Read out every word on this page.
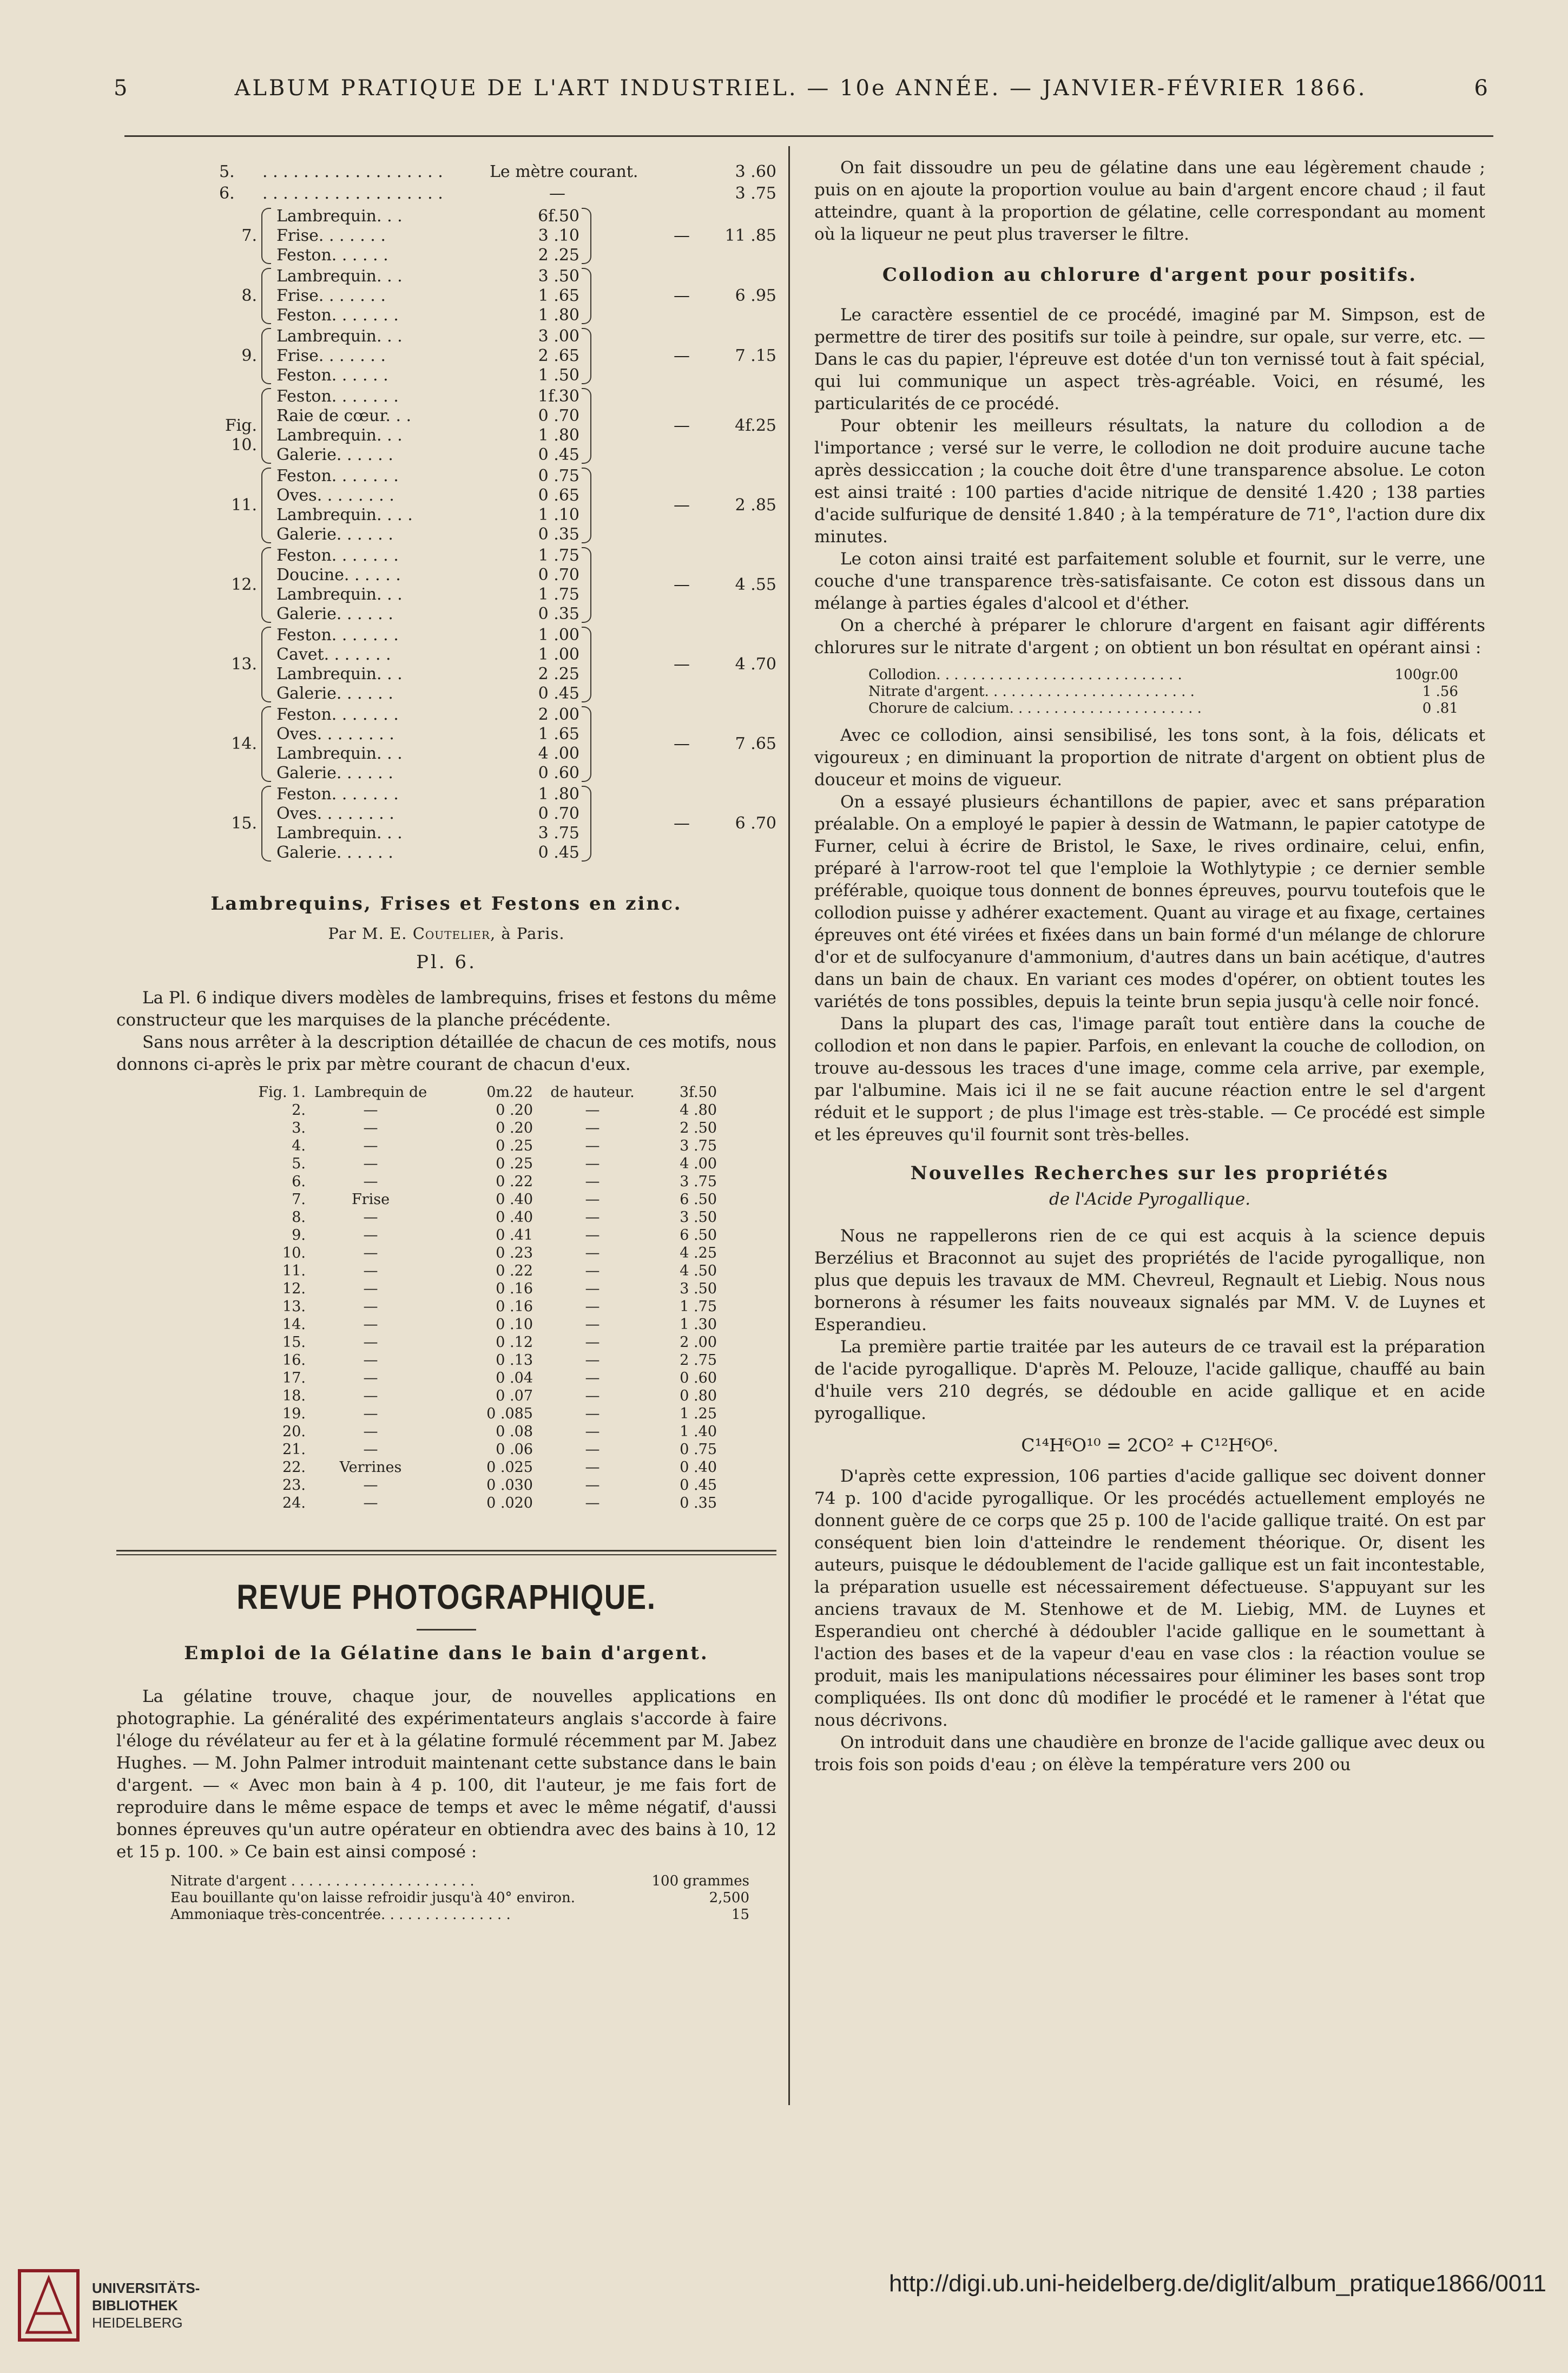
5	ALBUM PRATIQUE DE L'ART INDUSTRIEL. — 10e ANNÉE. — JANVIER-FÉVRIER 1866.	6
5.	. . . . . . . . . . . . . . . . . .	Le mètre courant.	3 .60
6.	. . . . . . . . . . . . . . . . . .	—	3 .75
7.
Lambrequin. . .	6f.50
Frise. . . . . . .	3 .10
Feston. . . . . .	2 .25
—	11 .85
8.
Lambrequin. . .	3 .50
Frise. . . . . . .	1 .65
Feston. . . . . . .	1 .80
—	6 .95
9.
Lambrequin. . .	3 .00
Frise. . . . . . .	2 .65
Feston. . . . . .	1 .50
—	7 .15
Fig. 10.
Feston. . . . . . .	1f.30
Raie de cœur. . .	0 .70
Lambrequin. . .	1 .80
Galerie. . . . . .	0 .45
—	4f.25
11.
Feston. . . . . . .	0 .75
Oves. . . . . . . .	0 .65
Lambrequin. . . .	1 .10
Galerie. . . . . .	0 .35
—	2 .85
12.
Feston. . . . . . .	1 .75
Doucine. . . . . .	0 .70
Lambrequin. . .	1 .75
Galerie. . . . . .	0 .35
—	4 .55
13.
Feston. . . . . . .	1 .00
Cavet. . . . . . .	1 .00
Lambrequin. . .	2 .25
Galerie. . . . . .	0 .45
—	4 .70
14.
Feston. . . . . . .	2 .00
Oves. . . . . . . .	1 .65
Lambrequin. . .	4 .00
Galerie. . . . . .	0 .60
—	7 .65
15.
Feston. . . . . . .	1 .80
Oves. . . . . . . .	0 .70
Lambrequin. . .	3 .75
Galerie. . . . . .	0 .45
—	6 .70
Lambrequins, Frises et Festons en zinc.
Par M. E. Coutelier, à Paris.
Pl. 6.

La Pl. 6 indique divers modèles de lambrequins, frises et festons du même constructeur que les marquises de la planche précédente.

Sans nous arrêter à la description détaillée de chacun de ces motifs, nous donnons ci-après le prix par mètre courant de chacun d'eux.

Fig. 1. Lambrequin de	0m.22	de hauteur.	3f.50
2.	—	0 .20	—	4 .80
3.	—	0 .20	—	2 .50
4.	—	0 .25	—	3 .75
5.	—	0 .25	—	4 .00
6.	—	0 .22	—	3 .75
7.	Frise	0 .40	—	6 .50
8.	—	0 .40	—	3 .50
9.	—	0 .41	—	6 .50
10.	—	0 .23	—	4 .25
11.	—	0 .22	—	4 .50
12.	—	0 .16	—	3 .50
13.	—	0 .16	—	1 .75
14.	—	0 .10	—	1 .30
15.	—	0 .12	—	2 .00
16.	—	0 .13	—	2 .75
17.	—	0 .04	—	0 .60
18.	—	0 .07	—	0 .80
19.	—	0 .085	—	1 .25
20.	—	0 .08	—	1 .40
21.	—	0 .06	—	0 .75
22.	Verrines	0 .025	—	0 .40
23.	—	0 .030	—	0 .45
24.	—	0 .020	—	0 .35
REVUE PHOTOGRAPHIQUE.
Emploi de la Gélatine dans le bain d'argent.

La gélatine trouve, chaque jour, de nouvelles applications en photographie. La généralité des expérimentateurs anglais s'accorde à faire l'éloge du révélateur au fer et à la gélatine formulé récemment par M. Jabez Hughes. — M. John Palmer introduit maintenant cette substance dans le bain d'argent. — « Avec mon bain à 4 p. 100, dit l'auteur, je me fais fort de reproduire dans le même espace de temps et avec le même négatif, d'aussi bonnes épreuves qu'un autre opérateur en obtiendra avec des bains à 10, 12 et 15 p. 100. » Ce bain est ainsi composé :

Nitrate d'argent . . . . . . . . . . . . . . . . . . . . .	100 grammes
Eau bouillante qu'on laisse refroidir jusqu'à 40° environ.	2,500
Ammoniaque très-concentrée. . . . . . . . . . . . . . .	15

On fait dissoudre un peu de gélatine dans une eau légèrement chaude ; puis on en ajoute la proportion voulue au bain d'argent encore chaud ; il faut atteindre, quant à la proportion de gélatine, celle correspondant au moment où la liqueur ne peut plus traverser le filtre.

Collodion au chlorure d'argent pour positifs.

Le caractère essentiel de ce procédé, imaginé par M. Simpson, est de permettre de tirer des positifs sur toile à peindre, sur opale, sur verre, etc. — Dans le cas du papier, l'épreuve est dotée d'un ton vernissé tout à fait spécial, qui lui communique un aspect très-agréable. Voici, en résumé, les particularités de ce procédé.

Pour obtenir les meilleurs résultats, la nature du collodion a de l'importance ; versé sur le verre, le collodion ne doit produire aucune tache après dessiccation ; la couche doit être d'une transparence absolue. Le coton est ainsi traité : 100 parties d'acide nitrique de densité 1.420 ; 138 parties d'acide sulfurique de densité 1.840 ; à la température de 71°, l'action dure dix minutes.

Le coton ainsi traité est parfaitement soluble et fournit, sur le verre, une couche d'une transparence très-satisfaisante. Ce coton est dissous dans un mélange à parties égales d'alcool et d'éther.

On a cherché à préparer le chlorure d'argent en faisant agir différents chlorures sur le nitrate d'argent ; on obtient un bon résultat en opérant ainsi :

Collodion. . . . . . . . . . . . . . . . . . . . . . . . . . . .	100gr.00
Nitrate d'argent. . . . . . . . . . . . . . . . . . . . . . . .	1 .56
Chorure de calcium. . . . . . . . . . . . . . . . . . . . . .	0 .81

Avec ce collodion, ainsi sensibilisé, les tons sont, à la fois, délicats et vigoureux ; en diminuant la proportion de nitrate d'argent on obtient plus de douceur et moins de vigueur.

On a essayé plusieurs échantillons de papier, avec et sans préparation préalable. On a employé le papier à dessin de Watmann, le papier catotype de Furner, celui à écrire de Bristol, le Saxe, le rives ordinaire, celui, enfin, préparé à l'arrow-root tel que l'emploie la Wothlytypie ; ce dernier semble préférable, quoique tous donnent de bonnes épreuves, pourvu toutefois que le collodion puisse y adhérer exactement. Quant au virage et au fixage, certaines épreuves ont été virées et fixées dans un bain formé d'un mélange de chlorure d'or et de sulfocyanure d'ammonium, d'autres dans un bain acétique, d'autres dans un bain de chaux. En variant ces modes d'opérer, on obtient toutes les variétés de tons possibles, depuis la teinte brun sepia jusqu'à celle noir foncé.

Dans la plupart des cas, l'image paraît tout entière dans la couche de collodion et non dans le papier. Parfois, en enlevant la couche de collodion, on trouve au-dessous les traces d'une image, comme cela arrive, par exemple, par l'albumine. Mais ici il ne se fait aucune réaction entre le sel d'argent réduit et le support ; de plus l'image est très-stable. — Ce procédé est simple et les épreuves qu'il fournit sont très-belles.

Nouvelles Recherches sur les propriétés
de l'Acide Pyrogallique.

Nous ne rappellerons rien de ce qui est acquis à la science depuis Berzélius et Braconnot au sujet des propriétés de l'acide pyrogallique, non plus que depuis les travaux de MM. Chevreul, Regnault et Liebig. Nous nous bornerons à résumer les faits nouveaux signalés par MM. V. de Luynes et Esperandieu.

La première partie traitée par les auteurs de ce travail est la préparation de l'acide pyrogallique. D'après M. Pelouze, l'acide gallique, chauffé au bain d'huile vers 210 degrés, se dédouble en acide gallique et en acide pyrogallique.

C¹⁴H⁶O¹⁰ = 2CO² + C¹²H⁶O⁶.

D'après cette expression, 106 parties d'acide gallique sec doivent donner 74 p. 100 d'acide pyrogallique. Or les procédés actuellement employés ne donnent guère de ce corps que 25 p. 100 de l'acide gallique traité. On est par conséquent bien loin d'atteindre le rendement théorique. Or, disent les auteurs, puisque le dédoublement de l'acide gallique est un fait incontestable, la préparation usuelle est nécessairement défectueuse. S'appuyant sur les anciens travaux de M. Stenhowe et de M. Liebig, MM. de Luynes et Esperandieu ont cherché à dédoubler l'acide gallique en le soumettant à l'action des bases et de la vapeur d'eau en vase clos : la réaction voulue se produit, mais les manipulations nécessaires pour éliminer les bases sont trop compliquées. Ils ont donc dû modifier le procédé et le ramener à l'état que nous décrivons.

On introduit dans une chaudière en bronze de l'acide gallique avec deux ou trois fois son poids d'eau ; on élève la température vers 200 ou

UNIVERSITÄTS-
BIBLIOTHEK
HEIDELBERG
http://digi.ub.uni-heidelberg.de/diglit/album_pratique1866/0011
